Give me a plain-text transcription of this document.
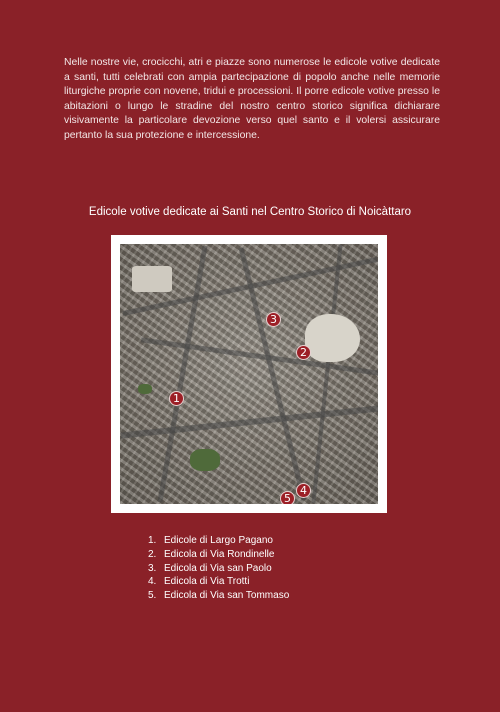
Nelle nostre vie, crocicchi, atri e piazze sono numerose le edicole votive dedicate a santi, tutti celebrati con ampia partecipazione di popolo anche nelle memorie liturgiche proprie con novene, tridui e processioni. Il porre edicole votive presso le abitazioni o lungo le stradine del nostro centro storico significa dichiarare visivamente la particolare devozione verso quel santo e il volersi assicurare pertanto la sua protezione e intercessione.
Edicole votive dedicate ai Santi nel Centro Storico di Noicàttaro
1
2
3
4
5
1. Edicole di Largo Pagano
2. Edicola di Via Rondinelle
3. Edicola di Via san Paolo
4. Edicola di Via Trotti
5. Edicola di Via san Tommaso
